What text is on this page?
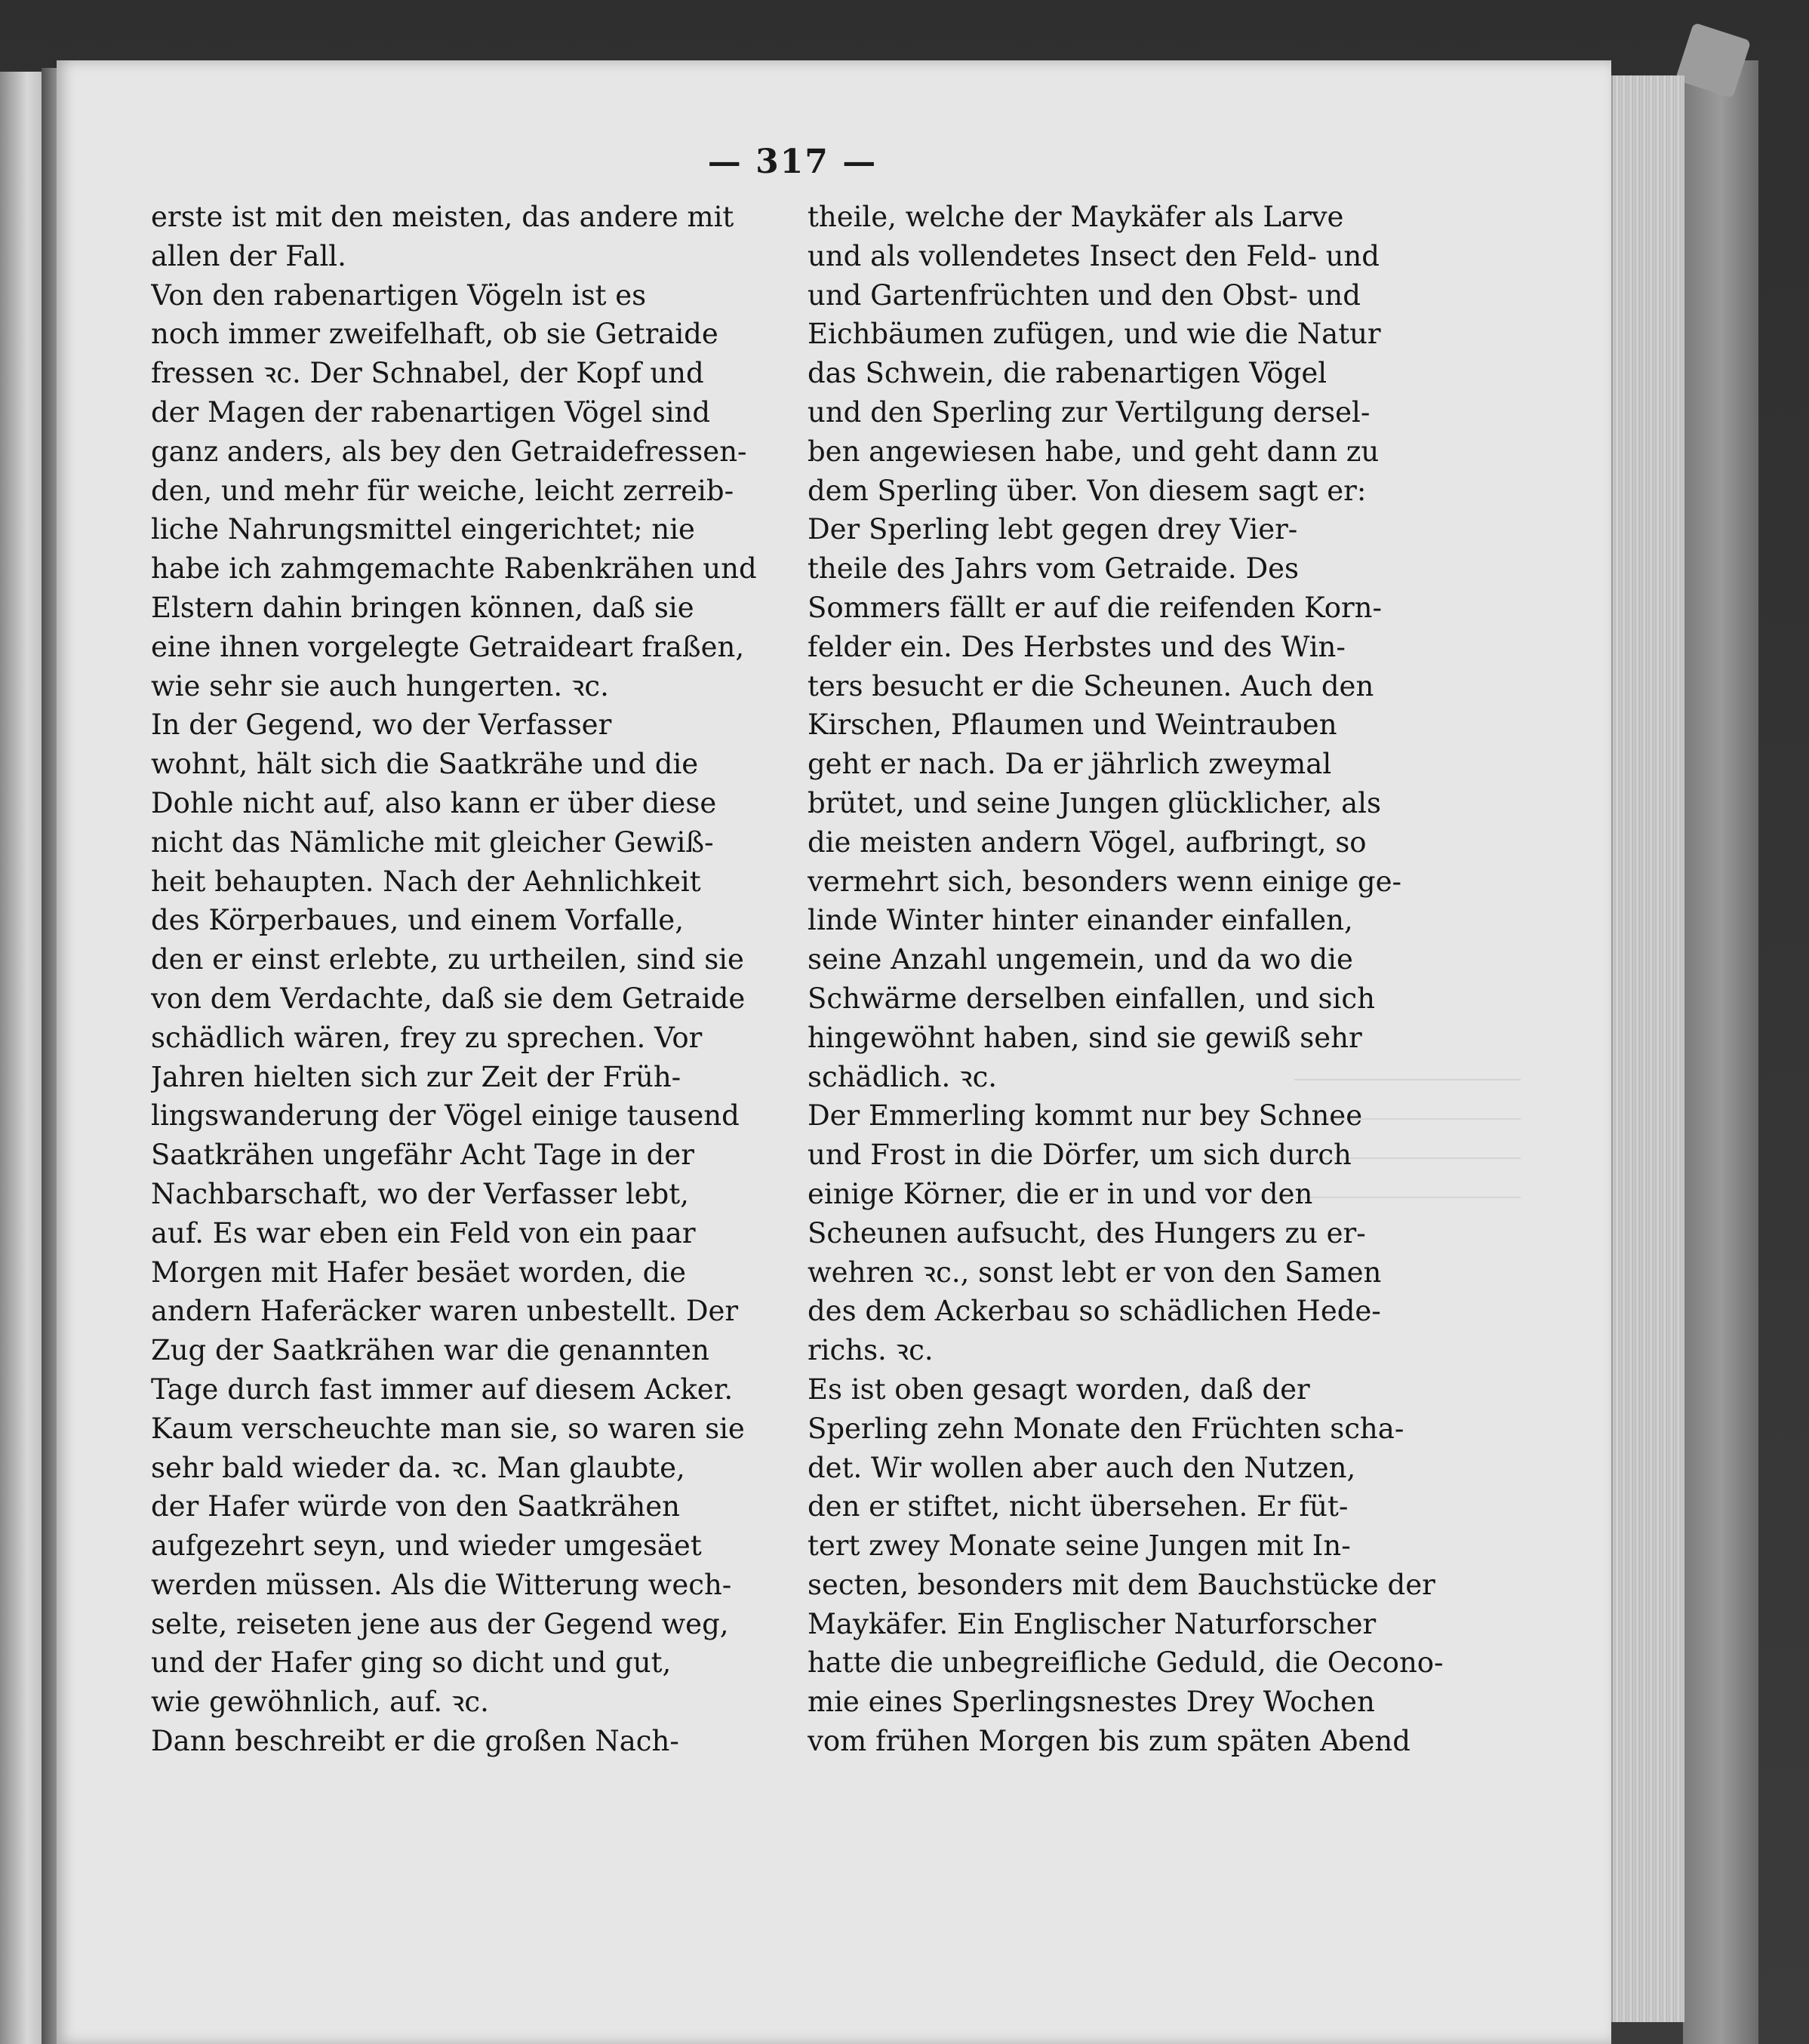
— 317 —
erste ist mit den meisten, das andere mit
allen der Fall.
Von den rabenartigen Vögeln ist es
noch immer zweifelhaft, ob sie Getraide
fressen ꝛc. Der Schnabel, der Kopf und
der Magen der rabenartigen Vögel sind
ganz anders, als bey den Getraidefressen-
den, und mehr für weiche, leicht zerreib-
liche Nahrungsmittel eingerichtet; nie
habe ich zahmgemachte Rabenkrähen und
Elstern dahin bringen können, daß sie
eine ihnen vorgelegte Getraideart fraßen,
wie sehr sie auch hungerten. ꝛc.
In der Gegend, wo der Verfasser
wohnt, hält sich die Saatkrähe und die
Dohle nicht auf, also kann er über diese
nicht das Nämliche mit gleicher Gewiß-
heit behaupten. Nach der Aehnlichkeit
des Körperbaues, und einem Vorfalle,
den er einst erlebte, zu urtheilen, sind sie
von dem Verdachte, daß sie dem Getraide
schädlich wären, frey zu sprechen. Vor
Jahren hielten sich zur Zeit der Früh-
lingswanderung der Vögel einige tausend
Saatkrähen ungefähr Acht Tage in der
Nachbarschaft, wo der Verfasser lebt,
auf. Es war eben ein Feld von ein paar
Morgen mit Hafer besäet worden, die
andern Haferäcker waren unbestellt. Der
Zug der Saatkrähen war die genannten
Tage durch fast immer auf diesem Acker.
Kaum verscheuchte man sie, so waren sie
sehr bald wieder da. ꝛc. Man glaubte,
der Hafer würde von den Saatkrähen
aufgezehrt seyn, und wieder umgesäet
werden müssen. Als die Witterung wech-
selte, reiseten jene aus der Gegend weg,
und der Hafer ging so dicht und gut,
wie gewöhnlich, auf. ꝛc.
Dann beschreibt er die großen Nach-
theile, welche der Maykäfer als Larve
und als vollendetes Insect den Feld- und
und Gartenfrüchten und den Obst- und
Eichbäumen zufügen, und wie die Natur
das Schwein, die rabenartigen Vögel
und den Sperling zur Vertilgung dersel-
ben angewiesen habe, und geht dann zu
dem Sperling über. Von diesem sagt er:
Der Sperling lebt gegen drey Vier-
theile des Jahrs vom Getraide. Des
Sommers fällt er auf die reifenden Korn-
felder ein. Des Herbstes und des Win-
ters besucht er die Scheunen. Auch den
Kirschen, Pflaumen und Weintrauben
geht er nach. Da er jährlich zweymal
brütet, und seine Jungen glücklicher, als
die meisten andern Vögel, aufbringt, so
vermehrt sich, besonders wenn einige ge-
linde Winter hinter einander einfallen,
seine Anzahl ungemein, und da wo die
Schwärme derselben einfallen, und sich
hingewöhnt haben, sind sie gewiß sehr
schädlich. ꝛc.
Der Emmerling kommt nur bey Schnee
und Frost in die Dörfer, um sich durch
einige Körner, die er in und vor den
Scheunen aufsucht, des Hungers zu er-
wehren ꝛc., sonst lebt er von den Samen
des dem Ackerbau so schädlichen Hede-
richs. ꝛc.
Es ist oben gesagt worden, daß der
Sperling zehn Monate den Früchten scha-
det. Wir wollen aber auch den Nutzen,
den er stiftet, nicht übersehen. Er füt-
tert zwey Monate seine Jungen mit In-
secten, besonders mit dem Bauchstücke der
Maykäfer. Ein Englischer Naturforscher
hatte die unbegreifliche Geduld, die Oecono-
mie eines Sperlingsnestes Drey Wochen
vom frühen Morgen bis zum späten Abend
